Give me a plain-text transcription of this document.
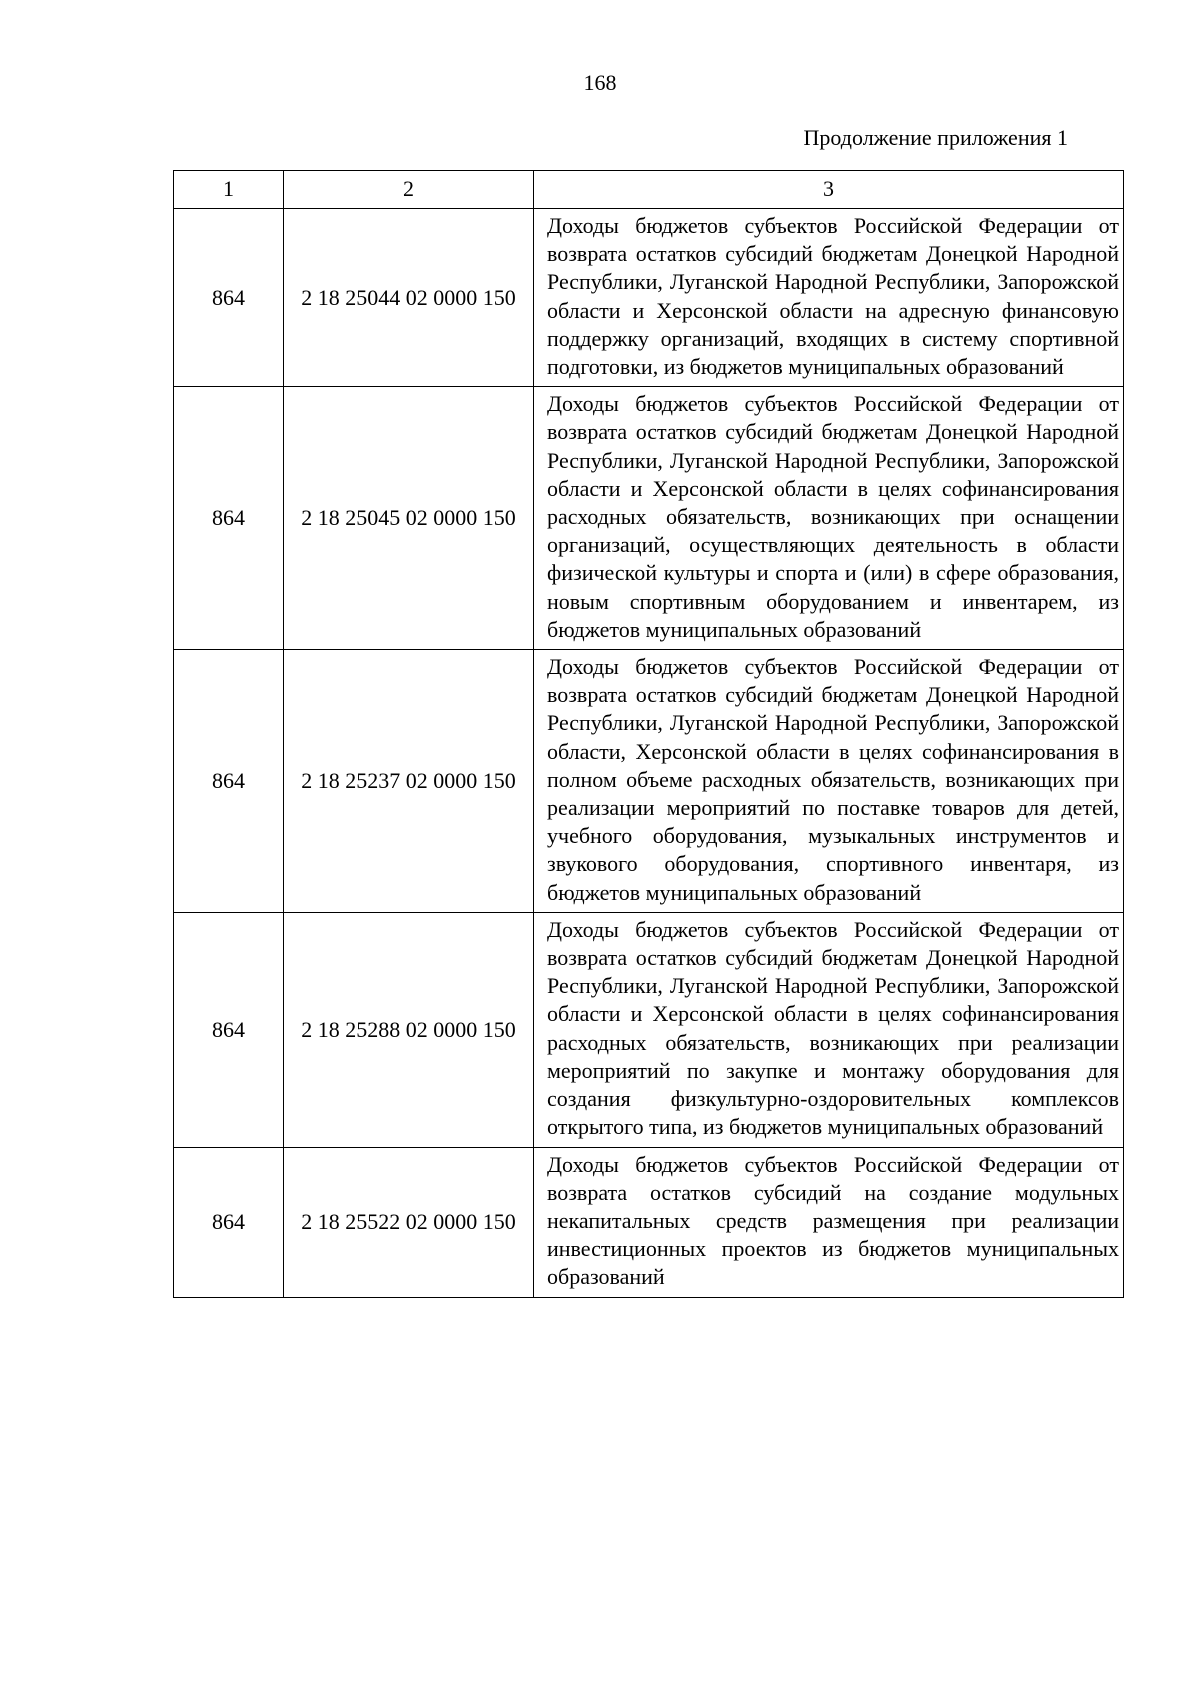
168
Продолжение приложения 1
1	2	3
864	2 18 25044 02 0000 150	Доходы бюджетов субъектов Российской Федерации от возврата остатков субсидий бюджетам Донецкой Народной Республики, Луганской Народной Республики, Запорожской области и Херсонской области на адресную финансовую поддержку организаций, входящих в систему спортивной подготовки, из бюджетов муниципальных образований
864	2 18 25045 02 0000 150	Доходы бюджетов субъектов Российской Федерации от возврата остатков субсидий бюджетам Донецкой Народной Республики, Луганской Народной Республики, Запорожской области и Херсонской области в целях софинансирования расходных обязательств, возникающих при оснащении организаций, осуществляющих деятельность в области физической культуры и спорта и (или) в сфере образования, новым спортивным оборудованием и инвентарем, из бюджетов муниципальных образований
864	2 18 25237 02 0000 150	Доходы бюджетов субъектов Российской Федерации от возврата остатков субсидий бюджетам Донецкой Народной Республики, Луганской Народной Республики, Запорожской области, Херсонской области в целях софинансирования в полном объеме расходных обязательств, возникающих при реализации мероприятий по поставке товаров для детей, учебного оборудования, музыкальных инструментов и звукового оборудования, спортивного инвентаря, из бюджетов муниципальных образований
864	2 18 25288 02 0000 150	Доходы бюджетов субъектов Российской Федерации от возврата остатков субсидий бюджетам Донецкой Народной Республики, Луганской Народной Республики, Запорожской области и Херсонской области в целях софинансирования расходных обязательств, возникающих при реализации мероприятий по закупке и монтажу оборудования для создания физкультурно-оздоровительных комплексов открытого типа, из бюджетов муниципальных образований
864	2 18 25522 02 0000 150	Доходы бюджетов субъектов Российской Федерации от возврата остатков субсидий на создание модульных некапитальных средств размещения при реализации инвестиционных проектов из бюджетов муниципальных образований
